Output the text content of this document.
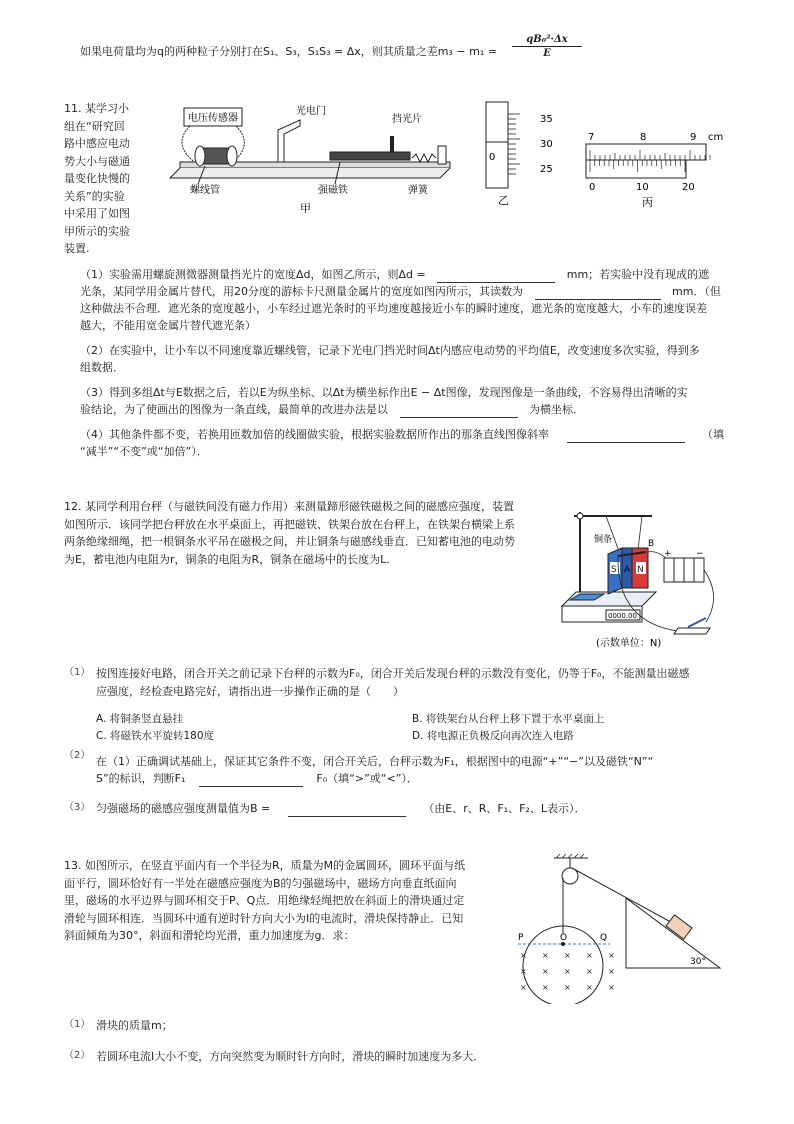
如果电荷量均为q的两种粒子分别打在S₁、S₃，S₁S₃ = Δx，则其质量之差m₃ − m₁ =	$\frac{\text{qB₀²·Δx}}{E}$
11. 某学习小
组在“研究回
路中感应电动
势大小与磁通
量变化快慢的
关系”的实验
中采用了如图
甲所示的实验
装置.
电压传感器
螺线管
光电门
挡光片
强磁铁	弹簧
甲
35
30
25
0
乙
7	8	9 cm
0	10	20
丙
（1）实验需用螺旋测微器测量挡光片的宽度Δd，如图乙所示，则Δd =	mm；若实验中没有现成的遮
光条，某同学用金属片替代，用20分度的游标卡尺测量金属片的宽度如图丙所示，其读数为	mm．（但
这种做法不合理．遮光条的宽度越小，小车经过遮光条时的平均速度越接近小车的瞬时速度，遮光条的宽度越大，小车的速度误差
越大，不能用宽金属片替代遮光条）
（2）在实验中，让小车以不同速度靠近螺线管，记录下光电门挡光时间Δt内感应电动势的平均值E，改变速度多次实验，得到多
组数据．
（3）得到多组Δt与E数据之后，若以E为纵坐标、以Δt为横坐标作出E − Δt图像，发现图像是一条曲线，不容易得出清晰的实
验结论，为了使画出的图像为一条直线，最简单的改进办法是以	为横坐标．
（4）其他条件都不变，若换用匝数加倍的线圈做实验，根据实验数据所作出的那条直线图像斜率	（填
“减半”“不变”或“加倍”）．
12. 某同学利用台秤（与磁铁间没有磁力作用）来测量蹄形磁铁磁极之间的磁感应强度，装置
如图所示．该同学把台秤放在水平桌面上，再把磁铁、铁架台放在台秤上，在铁架台横梁上系
两条绝缘细绳，把一根铜条水平吊在磁极之间，并让铜条与磁感线垂直．已知蓄电池的电动势
为E，蓄电池内电阻为r，铜条的电阻为R，铜条在磁场中的长度为L.
0000.00
S N
铜条	B
A
+	−
(示数单位：N)
（1） 按图连接好电路，闭合开关之前记录下台秤的示数为F₀，闭合开关后发现台秤的示数没有变化，仍等于F₀，不能测量出磁感
应强度，经检查电路完好，请指出进一步操作正确的是（　　）
A. 将铜条竖直悬挂	B. 将铁架台从台秤上移下置于水平桌面上
C. 将磁铁水平旋转180度	D. 将电源正负极反向再次连入电路
（2） 在（1）正确调试基础上，保证其它条件不变，闭合开关后，台秤示数为F₁，根据图中的电源“+”“−”以及磁铁“N”“
S”的标识，判断F₁	F₀（填“>”或“<”）．
（3） 匀强磁场的磁感应强度测量值为B =	（由E、r、R、F₁、F₂、L表示）．
13. 如图所示，在竖直平面内有一个半径为R，质量为M的金属圆环，圆环平面与纸
面平行，圆环恰好有一半处在磁感应强度为B的匀强磁场中，磁场方向垂直纸面向
里，磁场的水平边界与圆环相交于P、Q点．用绝缘轻绳把放在斜面上的滑块通过定
滑轮与圆环相连．当圆环中通有逆时针方向大小为I的电流时，滑块保持静止．已知
斜面倾角为30°，斜面和滑轮均光滑，重力加速度为g．求：	P	O	Q
× × × × ×
× × × × ×
× × × × ×
30°
（1） 滑块的质量m；
（2） 若圆环电流I大小不变，方向突然变为顺时针方向时，滑块的瞬时加速度为多大．
